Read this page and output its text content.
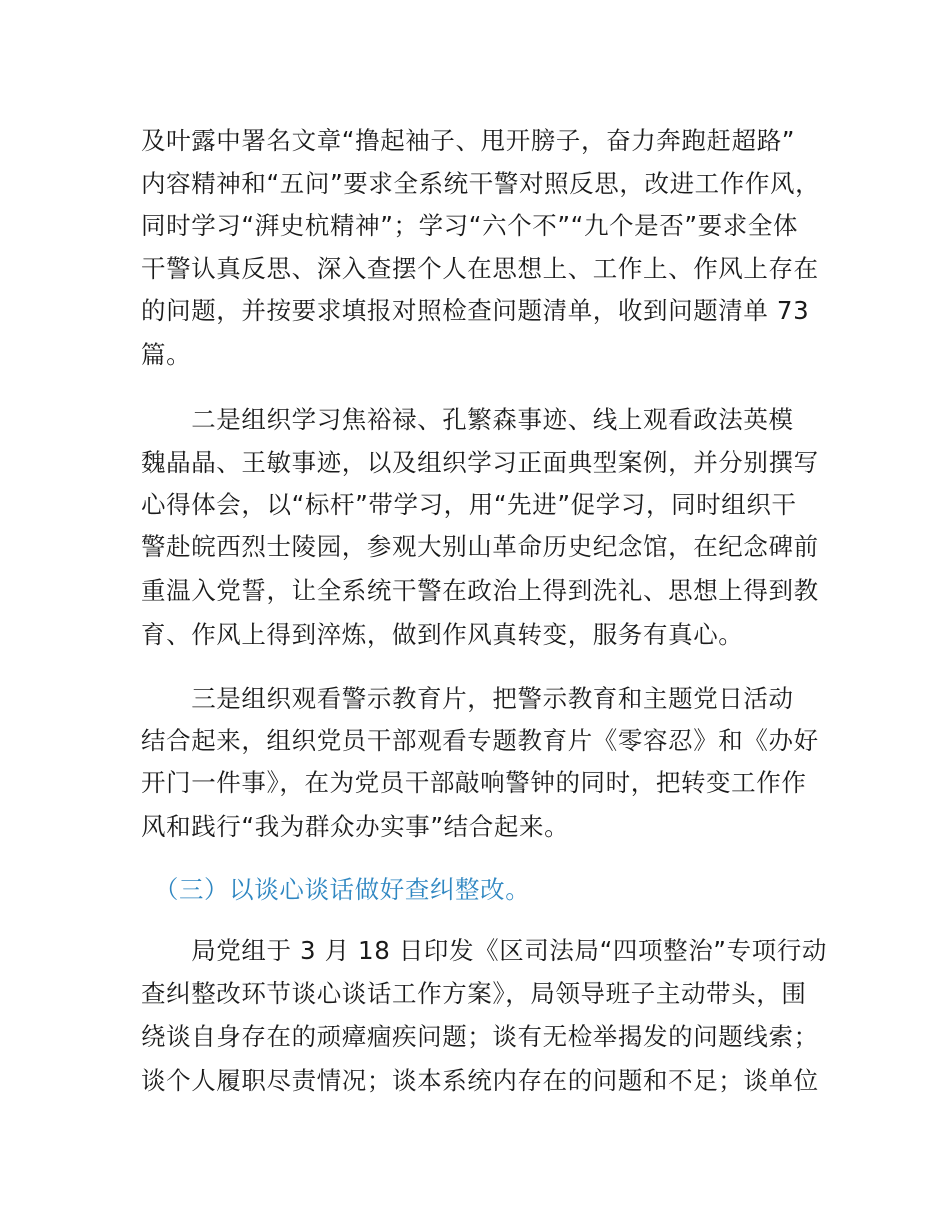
及叶露中署名文章“撸起袖子、甩开膀子，奋力奔跑赶超路”
内容精神和“五问”要求全系统干警对照反思，改进工作作风，
同时学习“湃史杭精神”；学习“六个不”“九个是否”要求全体
干警认真反思、深入查摆个人在思想上、工作上、作风上存在
的问题，并按要求填报对照检查问题清单，收到问题清单 73
篇。
　　二是组织学习焦裕禄、孔繁森事迹、线上观看政法英模
魏晶晶、王敏事迹，以及组织学习正面典型案例，并分别撰写
心得体会，以“标杆”带学习，用“先进”促学习，同时组织干
警赴皖西烈士陵园，参观大别山革命历史纪念馆，在纪念碑前
重温入党誓，让全系统干警在政治上得到洗礼、思想上得到教
育、作风上得到淬炼，做到作风真转变，服务有真心。
　　三是组织观看警示教育片，把警示教育和主题党日活动
结合起来，组织党员干部观看专题教育片《零容忍》和《办好
开门一件事》，在为党员干部敲响警钟的同时，把转变工作作
风和践行“我为群众办实事”结合起来。
　（三）以谈心谈话做好查纠整改。
　　局党组于 3 月 18 日印发《区司法局“四项整治”专项行动
查纠整改环节谈心谈话工作方案》，局领导班子主动带头，围
绕谈自身存在的顽瘴痼疾问题；谈有无检举揭发的问题线索；
谈个人履职尽责情况；谈本系统内存在的问题和不足；谈单位
